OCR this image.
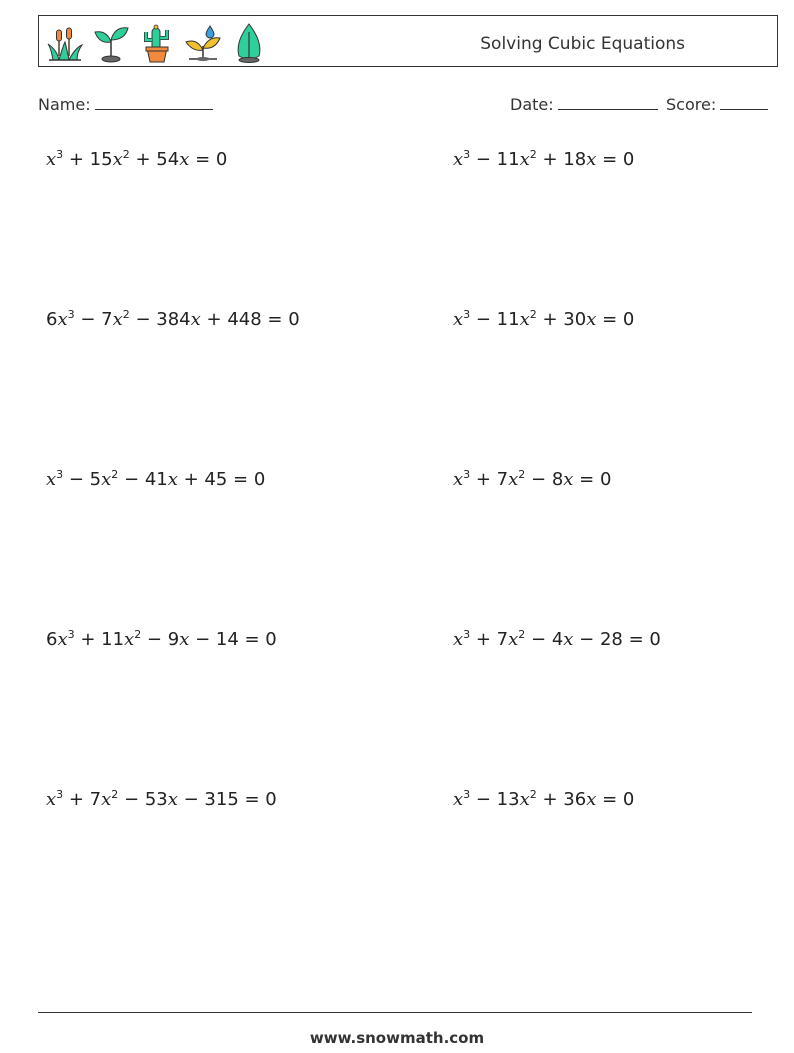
Solving Cubic Equations
Name:	Date:	Score:
$x^3 + 15x^2 + 54x = 0$	$x^3 - 11x^2 + 18x = 0$
$6x^3 - 7x^2 - 384x + 448 = 0$	$x^3 - 11x^2 + 30x = 0$
$x^3 - 5x^2 - 41x + 45 = 0$	$x^3 + 7x^2 - 8x = 0$
$6x^3 + 11x^2 - 9x - 14 = 0$	$x^3 + 7x^2 - 4x - 28 = 0$
$x^3 + 7x^2 - 53x - 315 = 0$	$x^3 - 13x^2 + 36x = 0$
www.snowmath.com
